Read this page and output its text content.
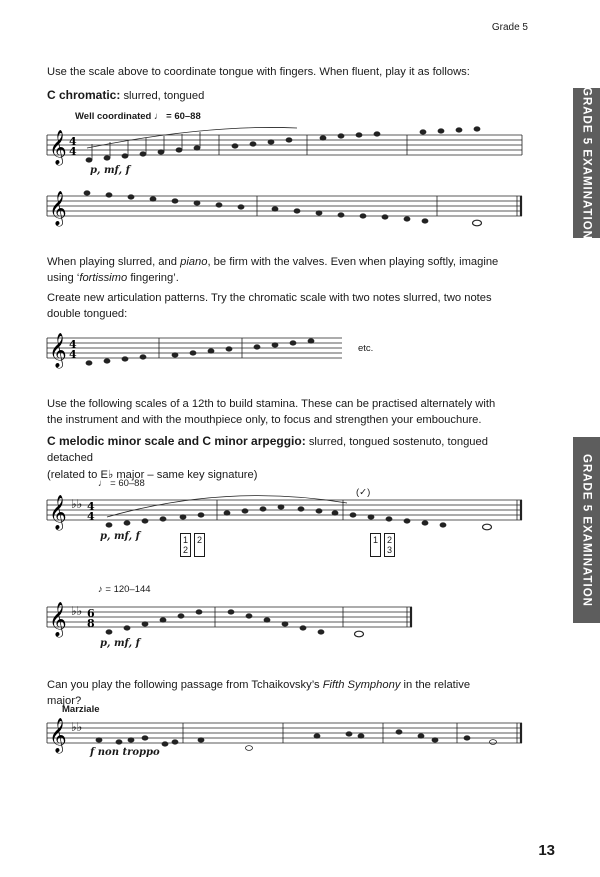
Grade 5
GRADE 5 EXAMINATION
GRADE 5 EXAMINATION
Use the scale above to coordinate tongue with fingers. When fluent, play it as follows:
C chromatic: slurred, tongued
Well coordinated ♩ = 60–88
𝄞 4
4
p, mf, f
𝄞
When playing slurred, and piano, be firm with the valves. Even when playing softly, imagine using ‘fortissimo fingering’.
Create new articulation patterns. Try the chromatic scale with two notes slurred, two notes double tongued:
𝄞 4
4	etc.
Use the following scales of a 12th to build stamina. These can be practised alternately with the instrument and with the mouthpiece only, to focus and strengthen your embouchure.
C melodic minor scale and C minor arpeggio: slurred, tongued sostenuto, tongued detached
(related to E♭ major – same key signature)
♩ = 60–88
(✓)
𝄞 ♭♭ 4
4
p, mf, f	1
2
2	1	2
3
♪ = 120–144
𝄞 ♭♭ 6
8
p, mf, f
Can you play the following passage from Tchaikovsky’s Fifth Symphony in the relative major?
Marziale
𝄞 ♭♭
f non troppo
13
